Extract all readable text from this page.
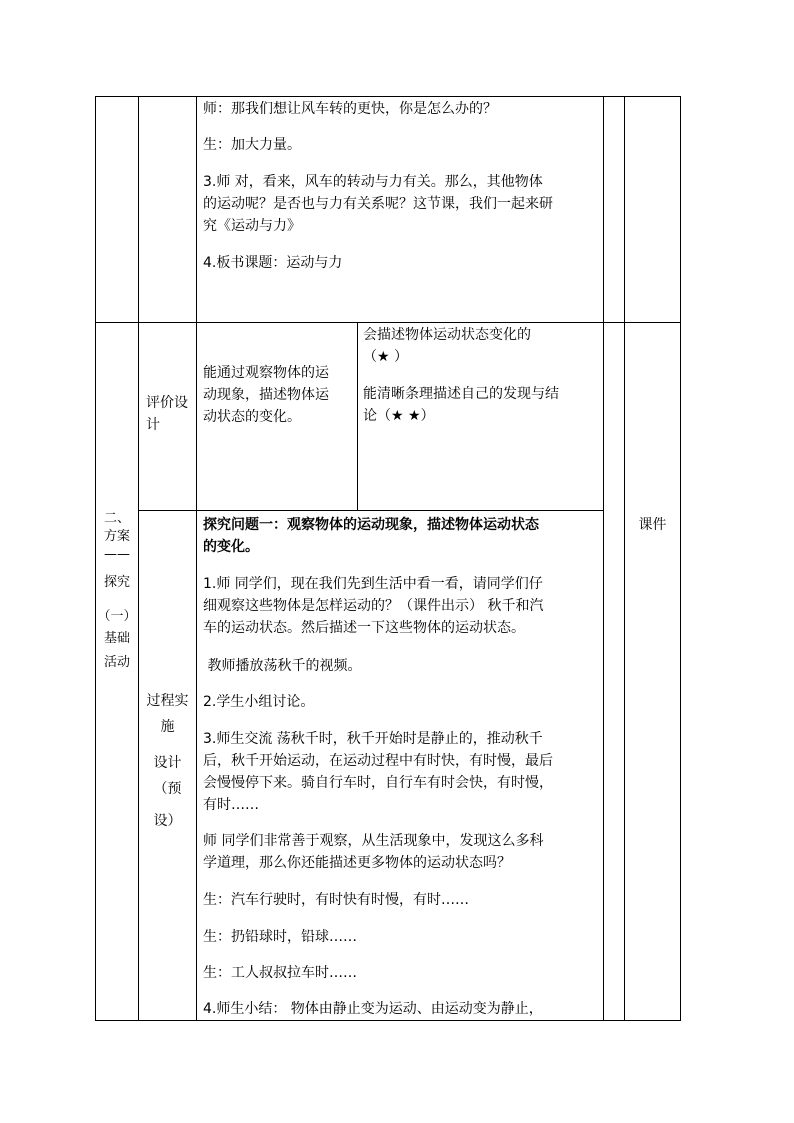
师：那我们想让风车转的更快，你是怎么办的？
生：加大力量。
3.师 对，看来，风车的转动与力有关。那么，其他物体
的运动呢？是否也与力有关系呢？这节课，我们一起来研
究《运动与力》
4.板书课题：运动与力
二、
方案
——
探究
（一）
基础
活动
评价设
计
能通过观察物体的运
动现象，描述物体运
动状态的变化。
会描述物体运动状态变化的
（★ ）
能清晰条理描述自己的发现与结
论（★ ★）
过程实
施
设计
（预
设）
课件
探究问题一：观察物体的运动现象，描述物体运动状态
的变化。
1.师 同学们，现在我们先到生活中看一看，请同学们仔
细观察这些物体是怎样运动的？（课件出示） 秋千和汽
车的运动状态。然后描述一下这些物体的运动状态。
教师播放荡秋千的视频。
2.学生小组讨论。
3.师生交流 荡秋千时，秋千开始时是静止的，推动秋千
后，秋千开始运动，在运动过程中有时快，有时慢，最后
会慢慢停下来。骑自行车时，自行车有时会快，有时慢，
有时……
师 同学们非常善于观察，从生活现象中，发现这么多科
学道理，那么你还能描述更多物体的运动状态吗？
生：汽车行驶时，有时快有时慢，有时……
生：扔铅球时，铅球……
生：工人叔叔拉车时……
4.师生小结： 物体由静止变为运动、由运动变为静止，
